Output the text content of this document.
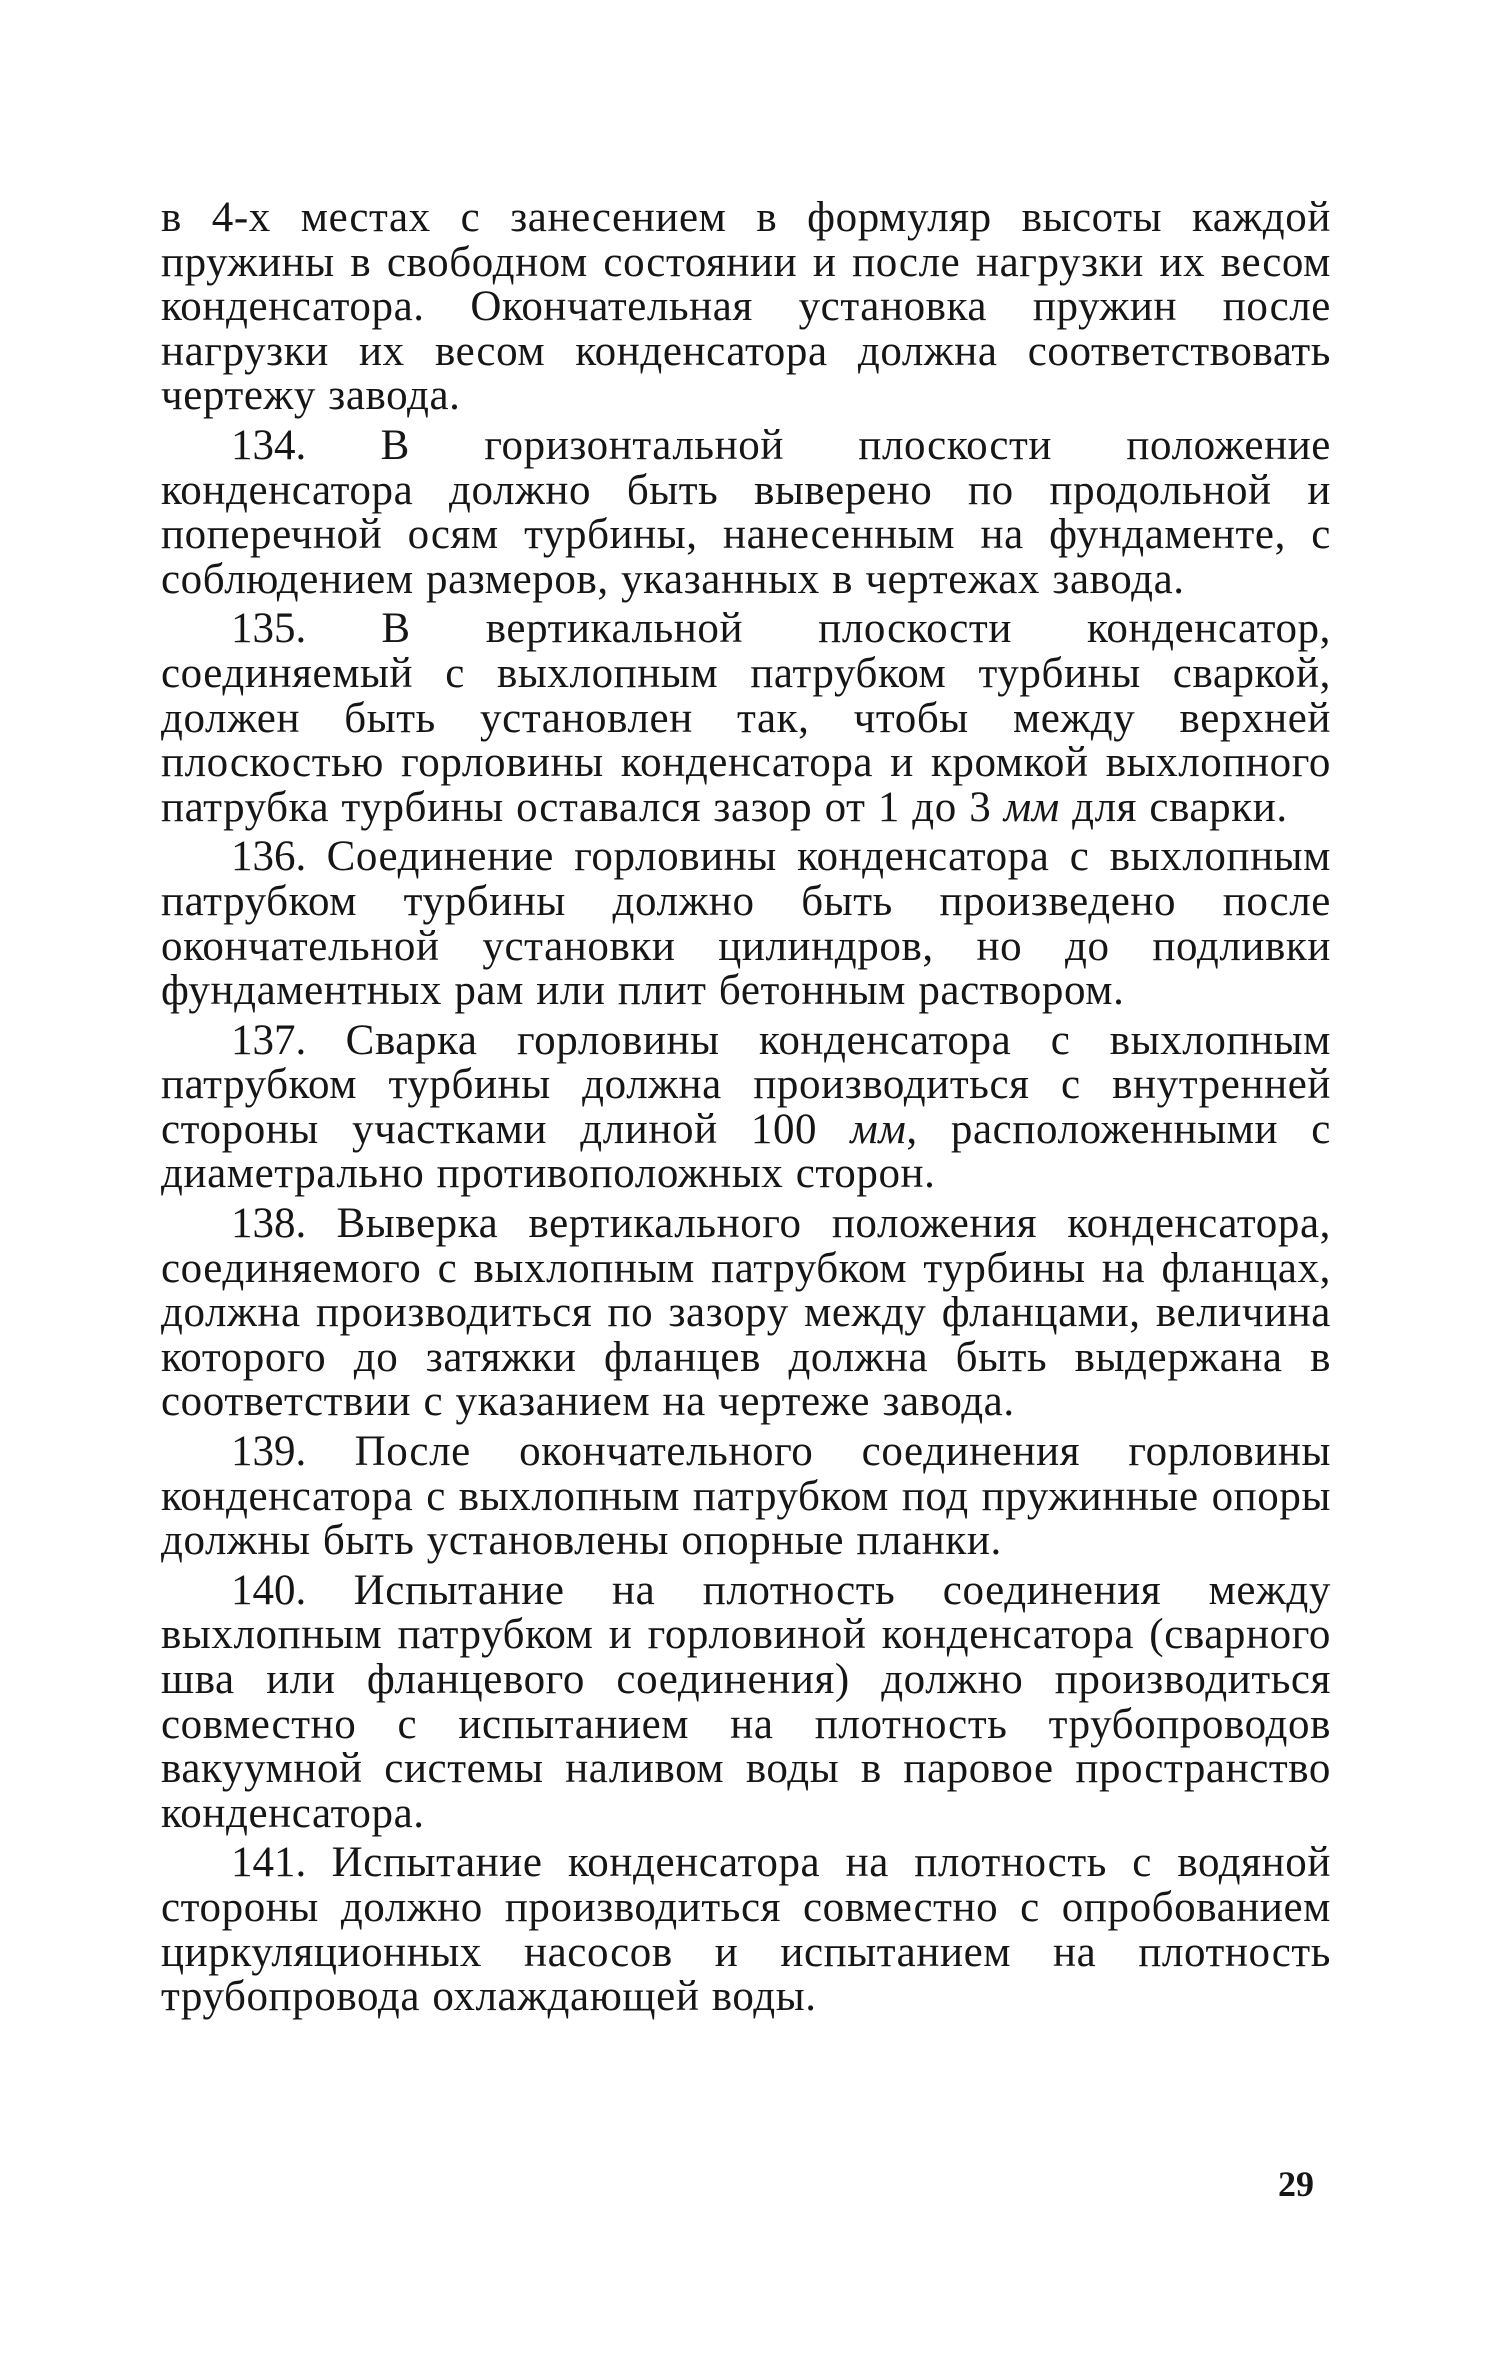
в 4-х местах с занесением в формуляр высоты каждой пружины в свободном состоянии и после нагрузки их весом конденсатора. Окончательная установка пружин после нагрузки их весом конденсатора должна соответствовать чертежу завода.

134. В горизонтальной плоскости положение конденсатора должно быть выверено по продольной и поперечной осям турбины, нанесенным на фундаменте, с соблюдением размеров, указанных в чертежах завода.

135. В вертикальной плоскости конденсатор, соединяемый с выхлопным патрубком турбины сваркой, должен быть установлен так, чтобы между верхней плоскостью горловины конденсатора и кромкой выхлопного патрубка турбины оставался зазор от 1 до 3 мм для сварки.

136. Соединение горловины конденсатора с выхлопным патрубком турбины должно быть произведено после окончательной установки цилиндров, но до подливки фундаментных рам или плит бетонным раствором.

137. Сварка горловины конденсатора с выхлопным патрубком турбины должна производиться с внутренней стороны участками длиной 100 мм, расположенными с диаметрально противоположных сторон.

138. Выверка вертикального положения конденсатора, соединяемого с выхлопным патрубком турбины на фланцах, должна производиться по зазору между фланцами, величина которого до затяжки фланцев должна быть выдержана в соответствии с указанием на чертеже завода.

139. После окончательного соединения горловины конденсатора с выхлопным патрубком под пружинные опоры должны быть установлены опорные планки.

140. Испытание на плотность соединения между выхлопным патрубком и горловиной конденсатора (сварного шва или фланцевого соединения) должно производиться совместно с испытанием на плотность трубопроводов вакуумной системы наливом воды в паровое пространство конденсатора.

141. Испытание конденсатора на плотность с водяной стороны должно производиться совместно с опробованием циркуляционных насосов и испытанием на плотность трубопровода охлаждающей воды.

29
